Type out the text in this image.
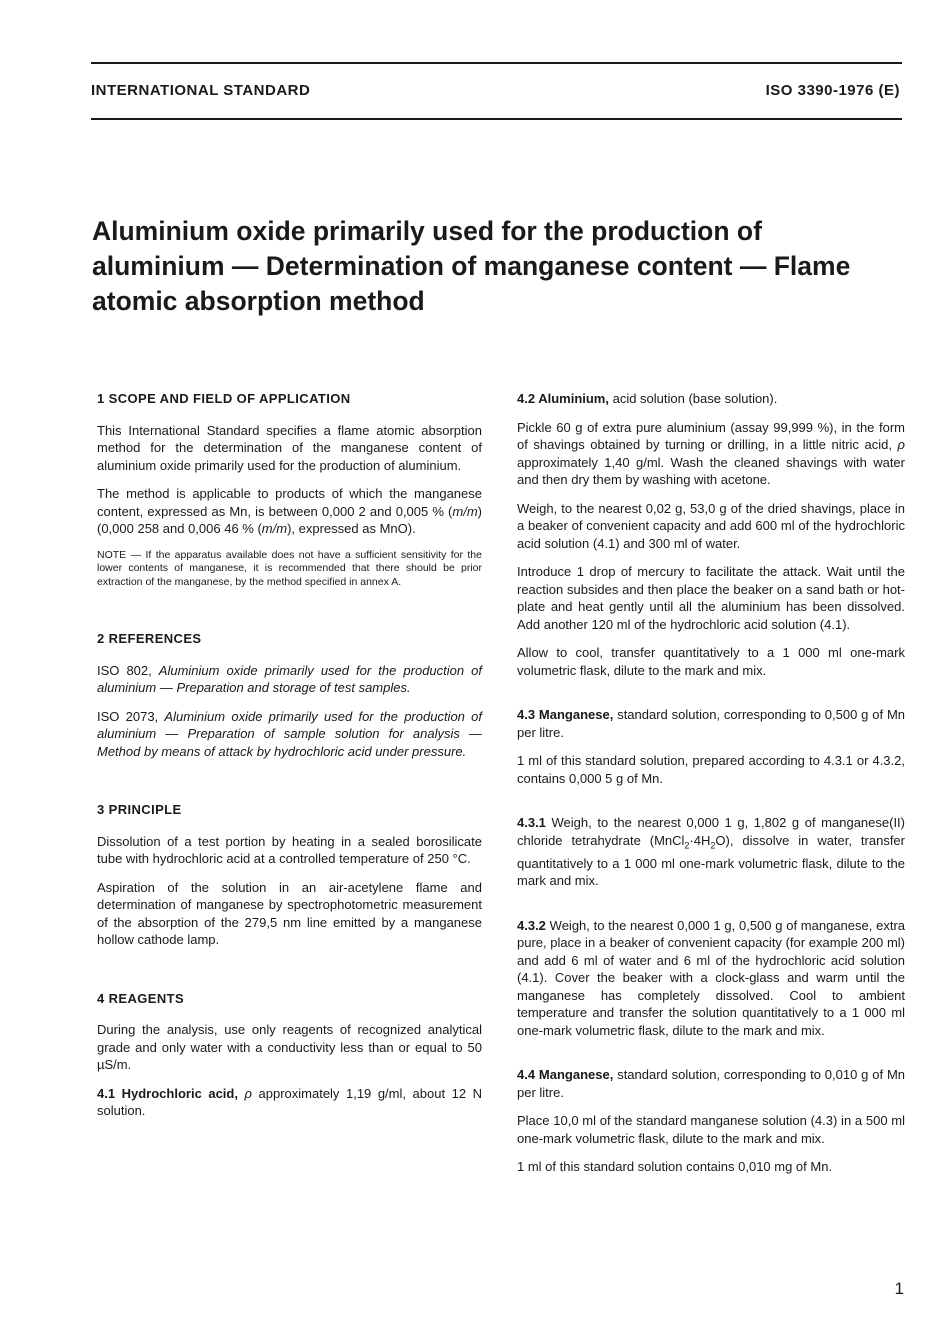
INTERNATIONAL STANDARD	ISO 3390-1976 (E)
Aluminium oxide primarily used for the production of aluminium — Determination of manganese content — Flame atomic absorption method
1 SCOPE AND FIELD OF APPLICATION

This International Standard specifies a flame atomic absorption method for the determination of the manganese content of aluminium oxide primarily used for the production of aluminium.

The method is applicable to products of which the manganese content, expressed as Mn, is between 0,000 2 and 0,005 % (m/m) (0,000 258 and 0,006 46 % (m/m), expressed as MnO).

NOTE — If the apparatus available does not have a sufficient sensitivity for the lower contents of manganese, it is recommended that there should be prior extraction of the manganese, by the method specified in annex A.

2 REFERENCES

ISO 802, Aluminium oxide primarily used for the production of aluminium — Preparation and storage of test samples.

ISO 2073, Aluminium oxide primarily used for the production of aluminium — Preparation of sample solution for analysis — Method by means of attack by hydrochloric acid under pressure.

3 PRINCIPLE

Dissolution of a test portion by heating in a sealed borosilicate tube with hydrochloric acid at a controlled temperature of 250 °C.

Aspiration of the solution in an air-acetylene flame and determination of manganese by spectrophotometric measurement of the absorption of the 279,5 nm line emitted by a manganese hollow cathode lamp.

4 REAGENTS

During the analysis, use only reagents of recognized analytical grade and only water with a conductivity less than or equal to 50 µS/m.

4.1 Hydrochloric acid, ρ approximately 1,19 g/ml, about 12 N solution.

4.2 Aluminium, acid solution (base solution).

Pickle 60 g of extra pure aluminium (assay 99,999 %), in the form of shavings obtained by turning or drilling, in a little nitric acid, ρ approximately 1,40 g/ml. Wash the cleaned shavings with water and then dry them by washing with acetone.

Weigh, to the nearest 0,02 g, 53,0 g of the dried shavings, place in a beaker of convenient capacity and add 600 ml of the hydrochloric acid solution (4.1) and 300 ml of water.

Introduce 1 drop of mercury to facilitate the attack. Wait until the reaction subsides and then place the beaker on a sand bath or hot-plate and heat gently until all the aluminium has been dissolved. Add another 120 ml of the hydrochloric acid solution (4.1).

Allow to cool, transfer quantitatively to a 1 000 ml one-mark volumetric flask, dilute to the mark and mix.

4.3 Manganese, standard solution, corresponding to 0,500 g of Mn per litre.

1 ml of this standard solution, prepared according to 4.3.1 or 4.3.2, contains 0,000 5 g of Mn.

4.3.1 Weigh, to the nearest 0,000 1 g, 1,802 g of manganese(II) chloride tetrahydrate $(MnCl_2\cdot 4H_2O)$, dissolve in water, transfer quantitatively to a 1 000 ml one-mark volumetric flask, dilute to the mark and mix.

4.3.2 Weigh, to the nearest 0,000 1 g, 0,500 g of manganese, extra pure, place in a beaker of convenient capacity (for example 200 ml) and add 6 ml of water and 6 ml of the hydrochloric acid solution (4.1). Cover the beaker with a clock-glass and warm until the manganese has completely dissolved. Cool to ambient temperature and transfer the solution quantitatively to a 1 000 ml one-mark volumetric flask, dilute to the mark and mix.

4.4 Manganese, standard solution, corresponding to 0,010 g of Mn per litre.

Place 10,0 ml of the standard manganese solution (4.3) in a 500 ml one-mark volumetric flask, dilute to the mark and mix.

1 ml of this standard solution contains 0,010 mg of Mn.

1
